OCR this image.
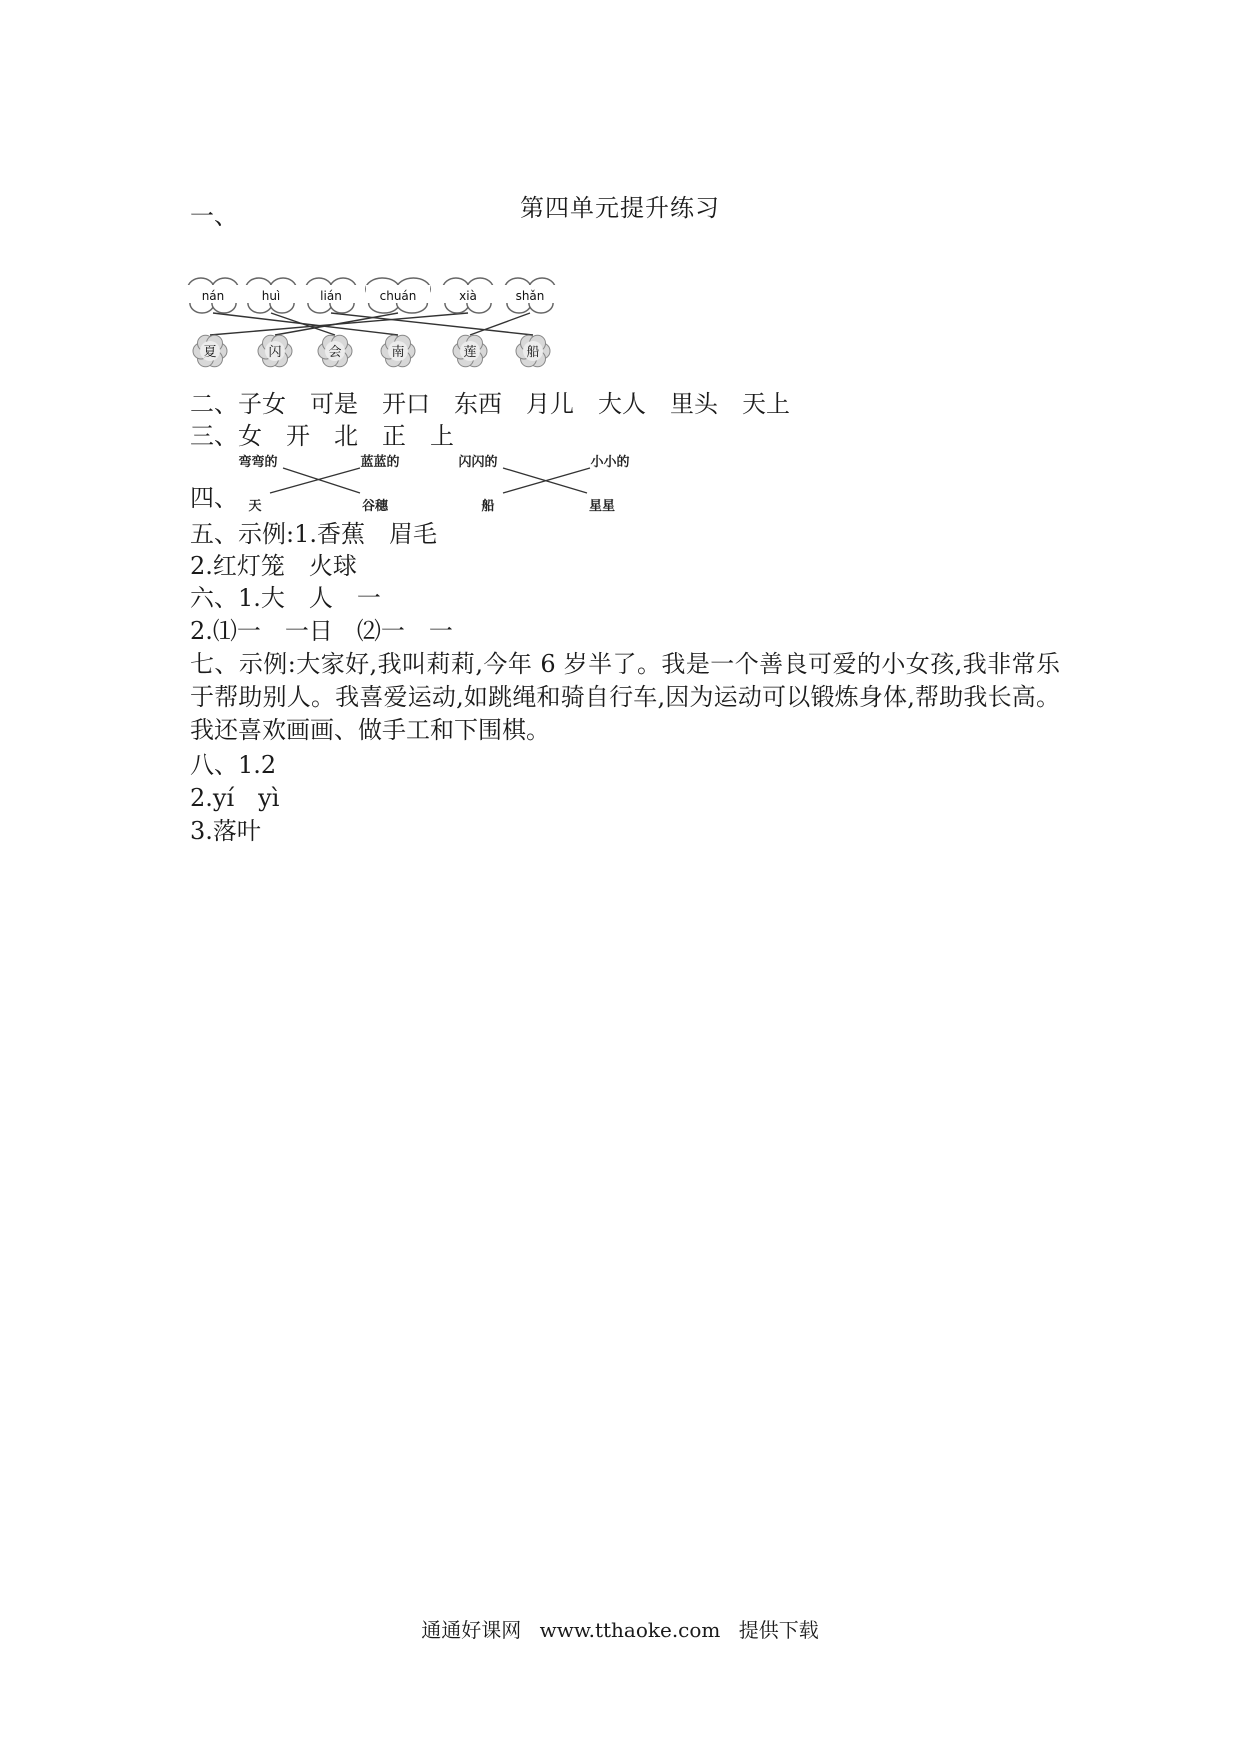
第四单元提升练习
一、
nán	huì	lián	chuán	xià	shǎn
夏	闪	会	南	莲	船
二、子女　可是　开口　东西　月儿　大人　里头　天上
三、女　开　北　正　上
四、
弯弯的	蓝蓝的	闪闪的	小小的
天	谷穗	船	星星
五、示例:1.香蕉　眉毛
2.红灯笼　火球
六、1.大　人　一
2.⑴一　一日　⑵一　一
七、示例:大家好,我叫莉莉,今年 6 岁半了。我是一个善良可爱的小女孩,我非常乐于帮助别人。我喜爱运动,如跳绳和骑自行车,因为运动可以锻炼身体,帮助我长高。我还喜欢画画、做手工和下围棋。
八、1.2
2.yí　yì
3.落叶
通通好课网 www.tthaoke.com 提供下载
